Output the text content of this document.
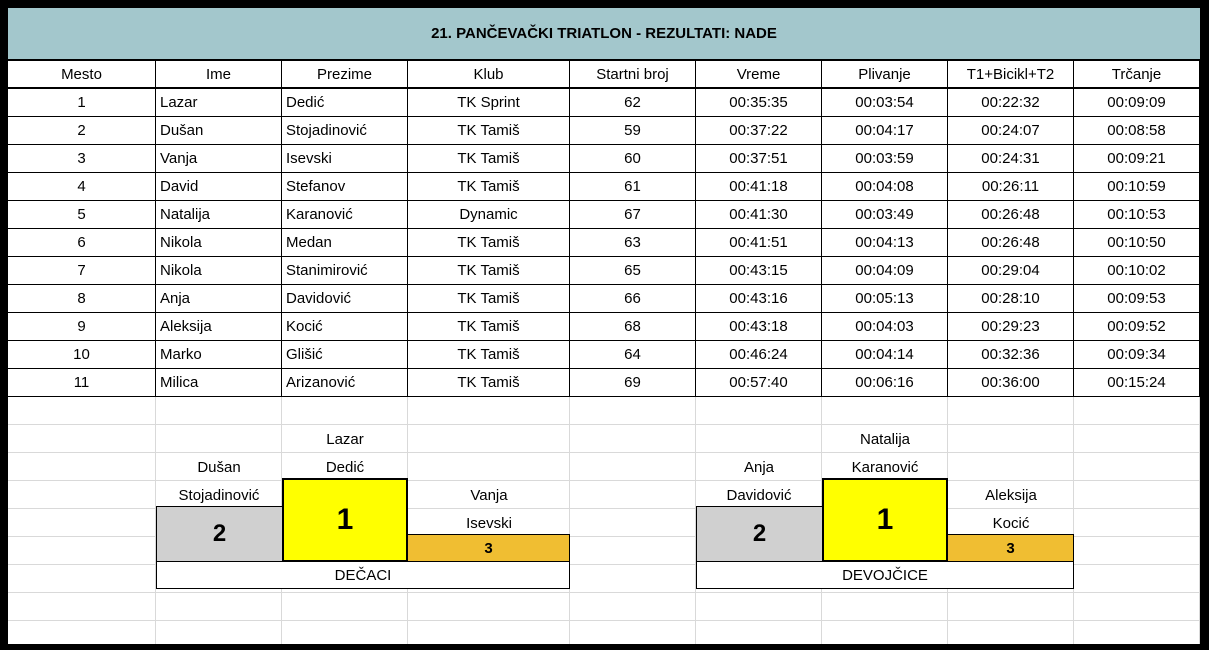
21. PANČEVAČKI TRIATLON - REZULTATI: NADE
Mesto	Ime	Prezime	Klub	Startni broj	Vreme	Plivanje	T1+Bicikl+T2	Trčanje
1	Lazar	Dedić	TK Sprint	62	00:35:35	00:03:54	00:22:32	00:09:09
2	Dušan	Stojadinović	TK Tamiš	59	00:37:22	00:04:17	00:24:07	00:08:58
3	Vanja	Isevski	TK Tamiš	60	00:37:51	00:03:59	00:24:31	00:09:21
4	David	Stefanov	TK Tamiš	61	00:41:18	00:04:08	00:26:11	00:10:59
5	Natalija	Karanović	Dynamic	67	00:41:30	00:03:49	00:26:48	00:10:53
6	Nikola	Medan	TK Tamiš	63	00:41:51	00:04:13	00:26:48	00:10:50
7	Nikola	Stanimirović	TK Tamiš	65	00:43:15	00:04:09	00:29:04	00:10:02
8	Anja	Davidović	TK Tamiš	66	00:43:16	00:05:13	00:28:10	00:09:53
9	Aleksija	Kocić	TK Tamiš	68	00:43:18	00:04:03	00:29:23	00:09:52
10	Marko	Glišić	TK Tamiš	64	00:46:24	00:04:14	00:32:36	00:09:34
11	Milica	Arizanović	TK Tamiš	69	00:57:40	00:06:16	00:36:00	00:15:24
Lazar
Dedić
Dušan
Stojadinović	Vanja
Isevski
1
2
3
DEČACI
Natalija
Karanović
Anja
Davidović	Aleksija
Kocić
1
2
3
DEVOJČICE
